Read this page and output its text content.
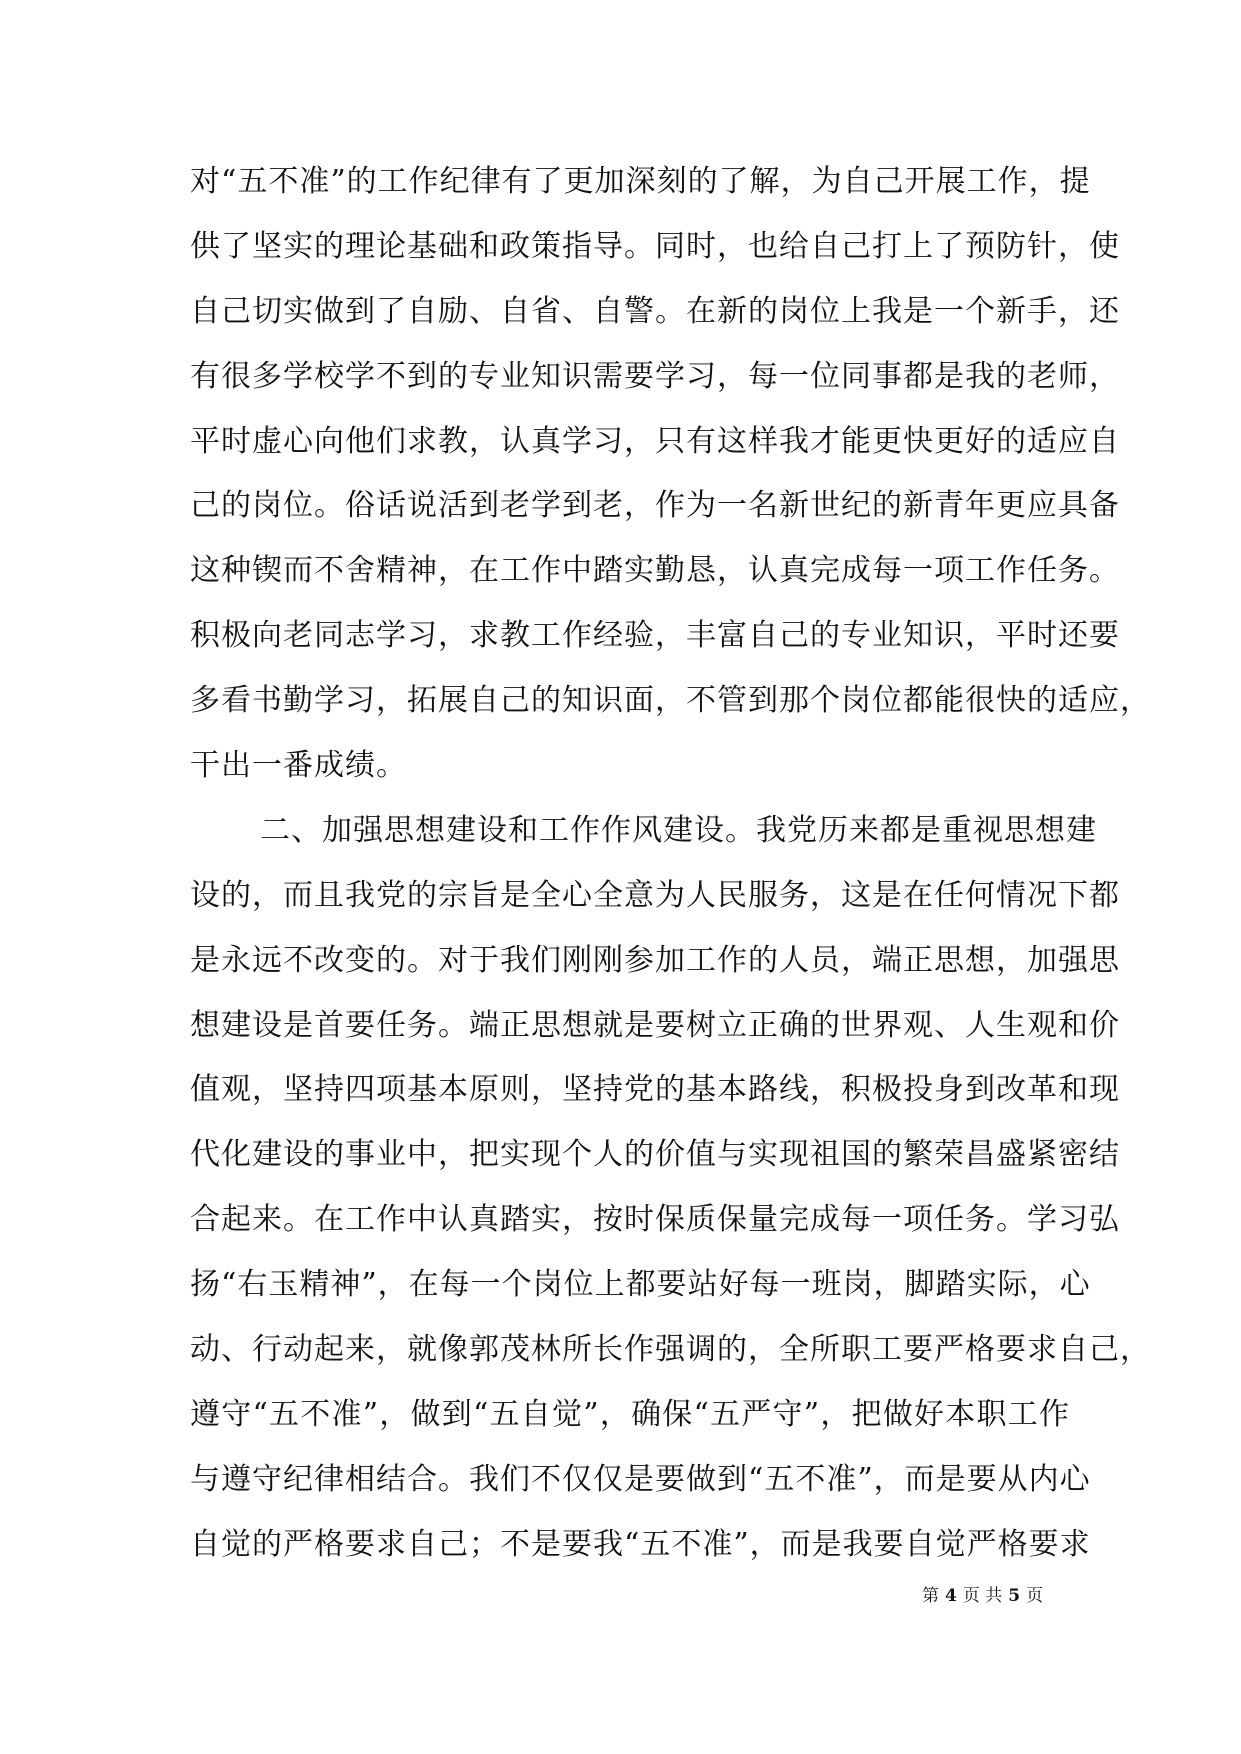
对“五不准”的工作纪律有了更加深刻的了解，为自己开展工作，提
供了坚实的理论基础和政策指导。同时，也给自己打上了预防针，使
自己切实做到了自励、自省、自警。在新的岗位上我是一个新手，还
有很多学校学不到的专业知识需要学习，每一位同事都是我的老师，
平时虚心向他们求教，认真学习，只有这样我才能更快更好的适应自
己的岗位。俗话说活到老学到老，作为一名新世纪的新青年更应具备
这种锲而不舍精神，在工作中踏实勤恳，认真完成每一项工作任务。
积极向老同志学习，求教工作经验，丰富自己的专业知识，平时还要
多看书勤学习，拓展自己的知识面，不管到那个岗位都能很快的适应，
干出一番成绩。
二、加强思想建设和工作作风建设。我党历来都是重视思想建
设的，而且我党的宗旨是全心全意为人民服务，这是在任何情况下都
是永远不改变的。对于我们刚刚参加工作的人员，端正思想，加强思
想建设是首要任务。端正思想就是要树立正确的世界观、人生观和价
值观，坚持四项基本原则，坚持党的基本路线，积极投身到改革和现
代化建设的事业中，把实现个人的价值与实现祖国的繁荣昌盛紧密结
合起来。在工作中认真踏实，按时保质保量完成每一项任务。学习弘
扬“右玉精神”，在每一个岗位上都要站好每一班岗，脚踏实际，心
动、行动起来，就像郭茂林所长作强调的，全所职工要严格要求自己，
遵守“五不准”，做到“五自觉”，确保“五严守”，把做好本职工作
与遵守纪律相结合。我们不仅仅是要做到“五不准”，而是要从内心
自觉的严格要求自己；不是要我“五不准”，而是我要自觉严格要求
第 4 页 共 5 页
